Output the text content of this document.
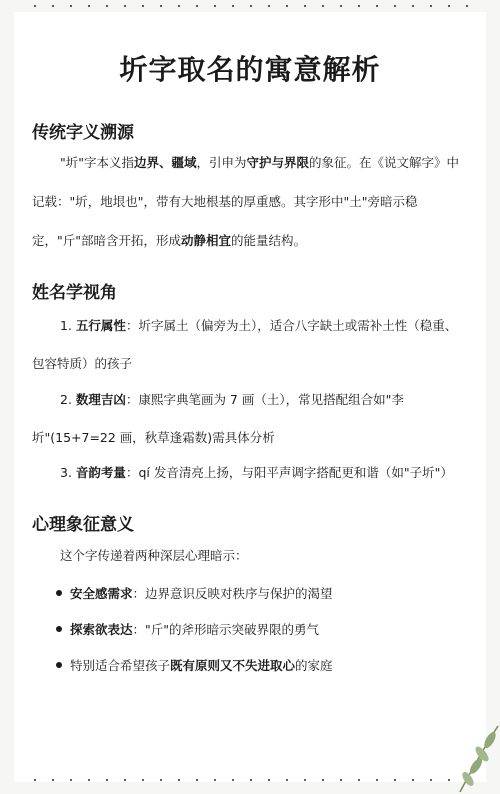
圻字取名的寓意解析
传统字义溯源
"圻"字本义指边界、疆域，引申为守护与界限的象征。在《说文解字》中
记载："圻，地垠也"，带有大地根基的厚重感。其字形中"土"旁暗示稳
定，"斤"部暗含开拓，形成动静相宜的能量结构。
姓名学视角
1. 五行属性：圻字属土（偏旁为土），适合八字缺土或需补土性（稳重、
包容特质）的孩子
2. 数理吉凶：康熙字典笔画为 7 画（土），常见搭配组合如"李
圻"(15+7=22 画，秋草逢霜数)需具体分析
3. 音韵考量：qí 发音清亮上扬，与阳平声调字搭配更和谐（如"子圻"）
心理象征意义
这个字传递着两种深层心理暗示：
安全感需求：边界意识反映对秩序与保护的渴望
探索欲表达："斤"的斧形暗示突破界限的勇气
特别适合希望孩子既有原则又不失进取心的家庭
